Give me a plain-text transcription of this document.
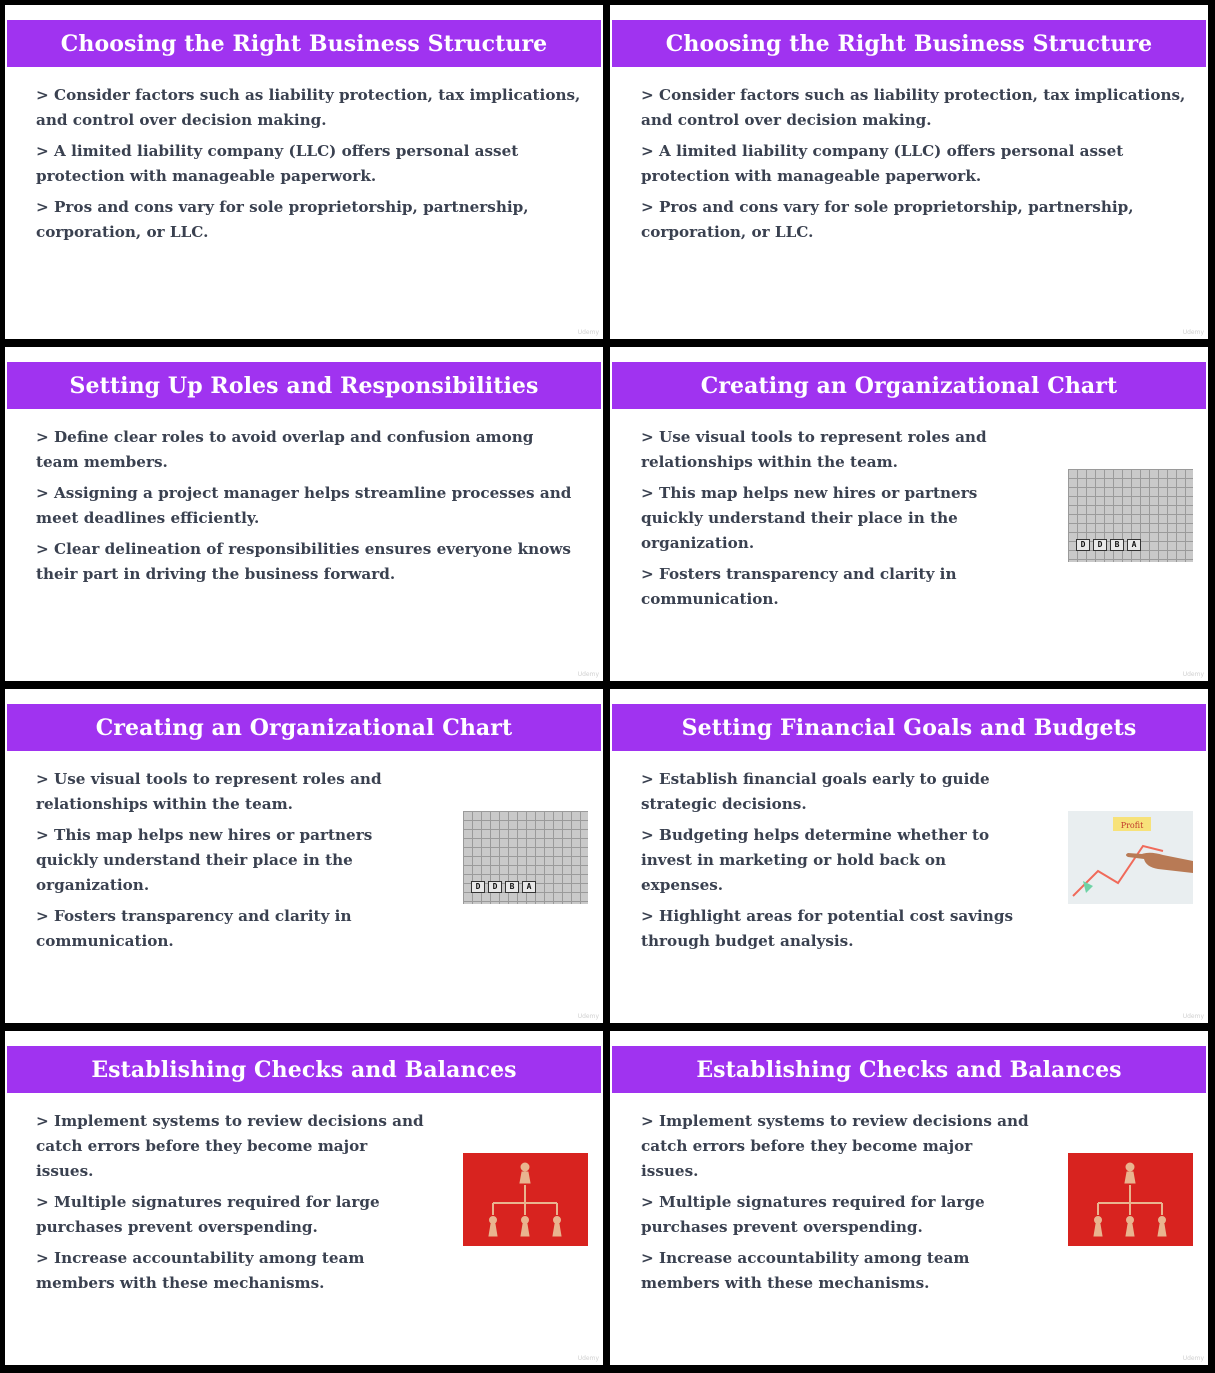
Choosing the Right Business Structure
> Consider factors such as liability protection, tax implications, and control over decision making.
> A limited liability company (LLC) offers personal asset protection with manageable paperwork.
> Pros and cons vary for sole proprietorship, partnership, corporation, or LLC.
Udemy
Choosing the Right Business Structure
> Consider factors such as liability protection, tax implications, and control over decision making.
> A limited liability company (LLC) offers personal asset protection with manageable paperwork.
> Pros and cons vary for sole proprietorship, partnership, corporation, or LLC.
Udemy
Setting Up Roles and Responsibilities
> Define clear roles to avoid overlap and confusion among team members.
> Assigning a project manager helps streamline processes and meet deadlines efficiently.
> Clear delineation of responsibilities ensures everyone knows their part in driving the business forward.
Udemy
Creating an Organizational Chart
> Use visual tools to represent roles and relationships within the team.
> This map helps new hires or partners quickly understand their place in the organization.
> Fosters transparency and clarity in communication.
D	D	B	A
Udemy
Creating an Organizational Chart
> Use visual tools to represent roles and relationships within the team.
> This map helps new hires or partners quickly understand their place in the organization.
> Fosters transparency and clarity in communication.
D	D	B	A
Udemy
Setting Financial Goals and Budgets
> Establish financial goals early to guide strategic decisions.
> Budgeting helps determine whether to invest in marketing or hold back on expenses.
> Highlight areas for potential cost savings through budget analysis.
Profit
Udemy
Establishing Checks and Balances
> Implement systems to review decisions and catch errors before they become major issues.
> Multiple signatures required for large purchases prevent overspending.
> Increase accountability among team members with these mechanisms.
Udemy
Establishing Checks and Balances
> Implement systems to review decisions and catch errors before they become major issues.
> Multiple signatures required for large purchases prevent overspending.
> Increase accountability among team members with these mechanisms.
Udemy
